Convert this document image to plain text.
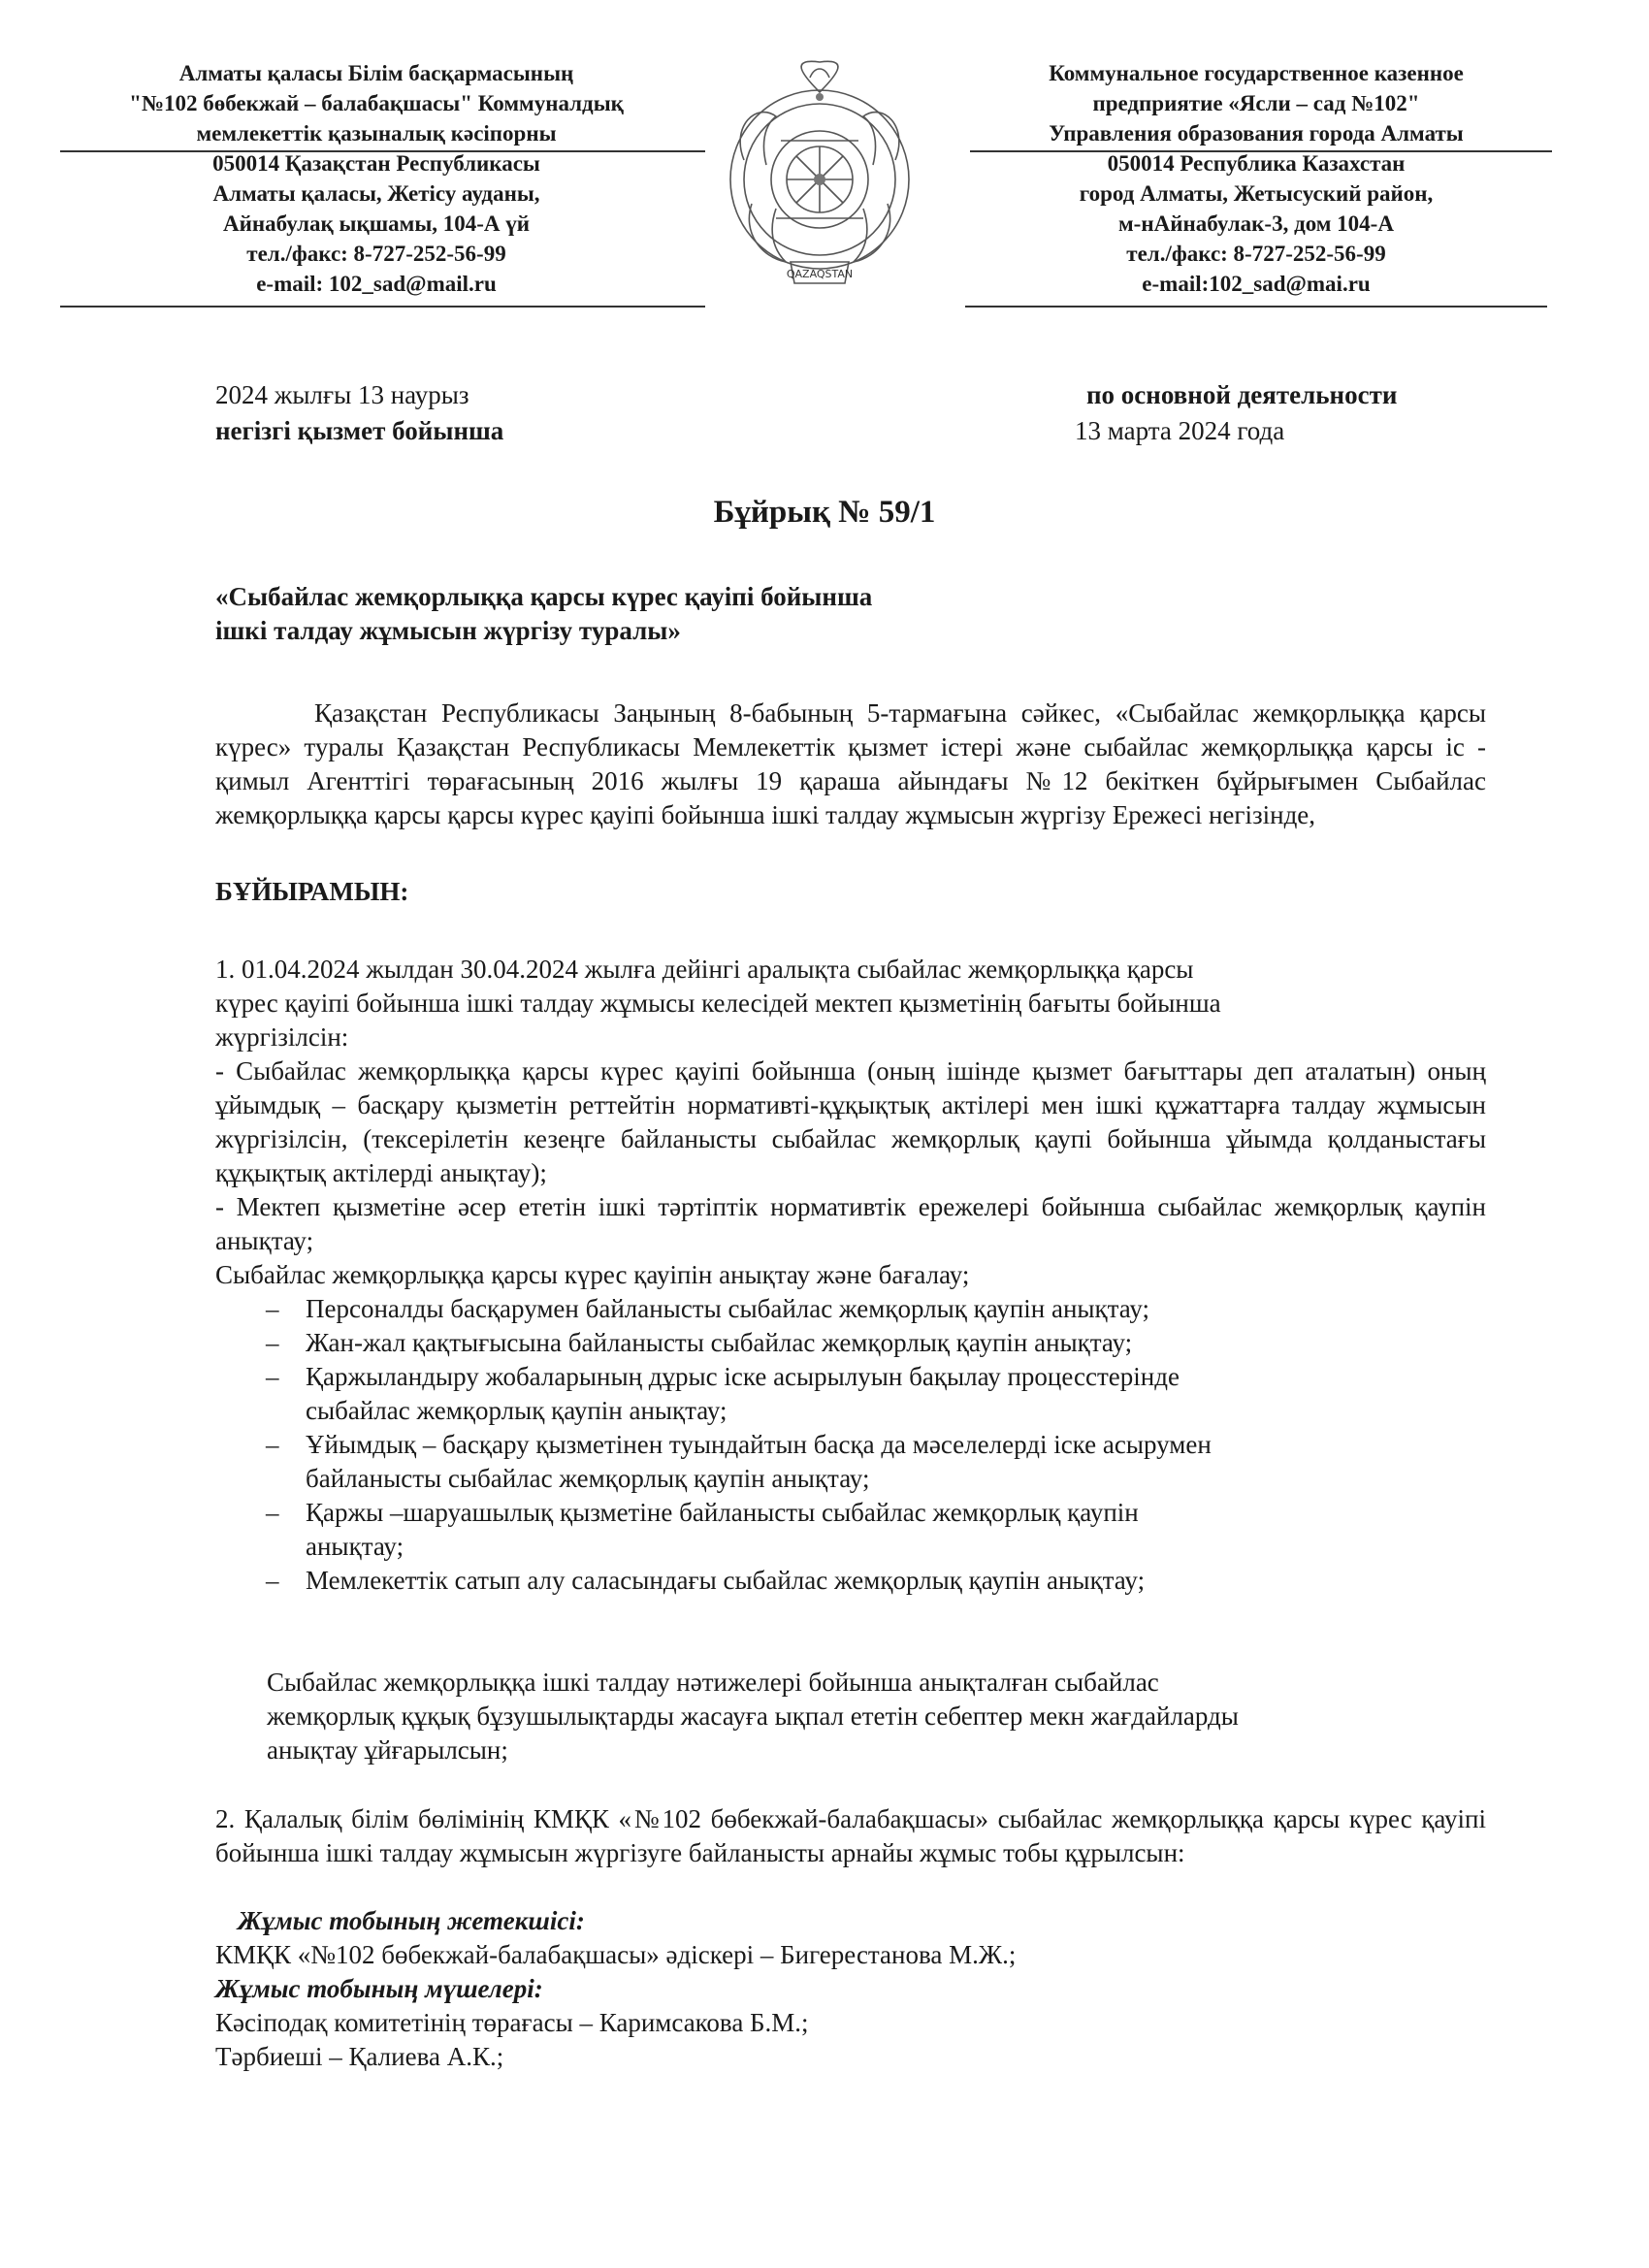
Алматы қаласы Білім басқармасының
"№102 бөбекжай – балабақшасы" Коммуналдық
мемлекеттік қазыналық кәсіпорны
050014 Қазақстан Республикасы
Алматы қаласы, Жетісу ауданы,
Айнабулақ ықшамы, 104-А үй
тел./факс: 8-727-252-56-99
e-mail: 102_sad@mail.ru
Коммунальное государственное казенное
предприятие «Ясли – сад №102"
Управления образования города Алматы
050014 Республика Казахстан
город Алматы, Жетысуский район,
м-нАйнабулак-3, дом 104-А
тел./факс: 8-727-252-56-99
e-mail:102_sad@mai.ru
QAZAQSTAN
2024 жылғы 13 наурыз
негізгі қызмет бойынша
по основной деятельности
13 марта 2024 года
Бұйрық № 59/1
«Сыбайлас жемқорлыққа қарсы күрес қауіпі бойынша
ішкі талдау жұмысын жүргізу туралы»
Қазақстан Республикасы Заңының 8-бабының 5-тармағына сәйкес, «Сыбайлас жемқорлыққа қарсы күрес» туралы Қазақстан Республикасы Мемлекеттік қызмет істері және сыбайлас жемқорлыққа қарсы іс - қимыл Агенттігі төрағасының 2016 жылғы 19 қараша айындағы №12 бекіткен бұйрығымен Сыбайлас жемқорлыққа қарсы қарсы күрес қауіпі бойынша ішкі талдау жұмысын жүргізу Ережесі негізінде,
БҰЙЫРАМЫН:
1. 01.04.2024 жылдан 30.04.2024 жылға дейінгі аралықта сыбайлас жемқорлыққа қарсы
күрес қауіпі бойынша ішкі талдау жұмысы келесідей мектеп қызметінің бағыты бойынша
жүргізілсін:
- Сыбайлас жемқорлыққа қарсы күрес қауіпі бойынша (оның ішінде қызмет бағыттары деп аталатын) оның ұйымдық – басқару қызметін реттейтін нормативті-құқықтық актілері мен ішкі құжаттарға талдау жұмысын жүргізілсін, (тексерілетін кезеңге байланысты сыбайлас жемқорлық қаупі бойынша ұйымда қолданыстағы құқықтық актілерді анықтау);
- Мектеп қызметіне әсер ететін ішкі тәртіптік нормативтік ережелері бойынша сыбайлас жемқорлық қаупін анықтау;
Сыбайлас жемқорлыққа қарсы күрес қауіпін анықтау және бағалау;
– Персоналды басқарумен байланысты сыбайлас жемқорлық қаупін анықтау;
– Жан-жал қақтығысына байланысты сыбайлас жемқорлық қаупін анықтау;
– Қаржыландыру жобаларының дұрыс іске асырылуын бақылау процесстерінде
сыбайлас жемқорлық қаупін анықтау;
– Ұйымдық – басқару қызметінен туындайтын басқа да мәселелерді іске асырумен
байланысты сыбайлас жемқорлық қаупін анықтау;
– Қаржы –шаруашылық қызметіне байланысты сыбайлас жемқорлық қаупін
анықтау;
– Мемлекеттік сатып алу саласындағы сыбайлас жемқорлық қаупін анықтау;
Сыбайлас жемқорлыққа ішкі талдау нәтижелері бойынша анықталған сыбайлас
жемқорлық құқық бұзушылықтарды жасауға ықпал ететін себептер мекн жағдайларды
анықтау ұйғарылсын;
2. Қалалық білім бөлімінің КМҚК «№102 бөбекжай-балабақшасы» сыбайлас жемқорлыққа қарсы күрес қауіпі бойынша ішкі талдау жұмысын жүргізуге байланысты арнайы жұмыс тобы құрылсын:
Жұмыс тобының жетекшісі:
КМҚК «№102 бөбекжай-балабақшасы» әдіскері – Бигерестанова М.Ж.;
Жұмыс тобының мүшелері:
Кәсіподақ комитетінің төрағасы – Каримсакова Б.М.;
Тәрбиеші – Қалиева А.К.;
